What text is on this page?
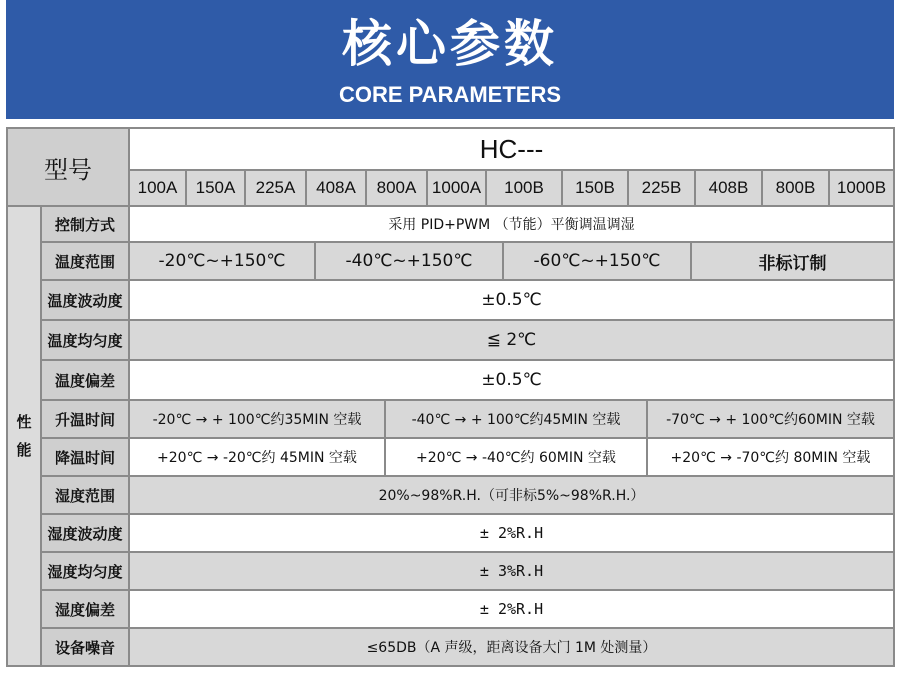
核心参数
CORE PARAMETERS
型号
HC---
100A	150A	225A	408A	800A 1000A	100B	150B	225B	408B	800B	1000B
性
能
控制方式	采用 PID+PWM （节能）平衡调温调湿
温度范围	-20℃~+150℃	-40℃~+150℃	-60℃~+150℃	非标订制
温度波动度	±0.5℃
温度均匀度	≦ 2℃
温度偏差	±0.5℃
升温时间	-20℃ → + 100℃约35MIN 空载	-40℃ → + 100℃约45MIN 空载	-70℃ → + 100℃约60MIN 空载
降温时间	+20℃ → -20℃约 45MIN 空载	+20℃ → -40℃约 60MIN 空载	+20℃ → -70℃约 80MIN 空载
湿度范围	20%~98%R.H.（可非标5%~98%R.H.）
湿度波动度	± 2%R.H
湿度均匀度	± 3%R.H
湿度偏差	± 2%R.H
设备噪音	≤65DB（A 声级，距离设备大门 1M 处测量）
